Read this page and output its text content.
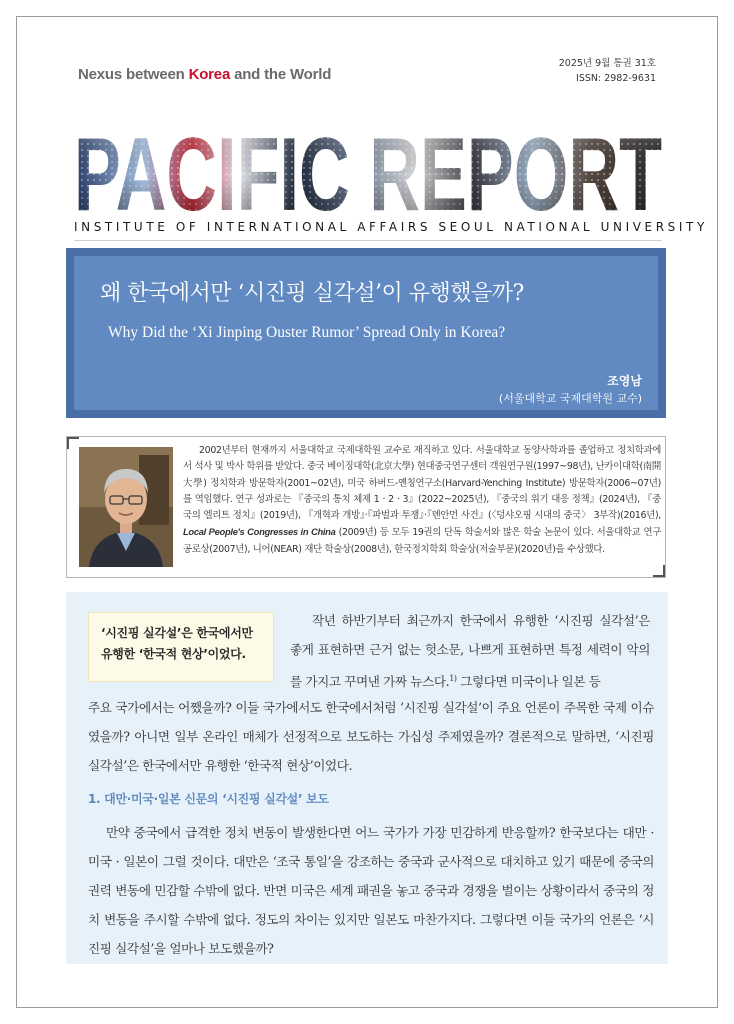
Nexus between Korea and the World
2025년 9월 통권 31호
ISSN: 2982-9631
PACIFIC REPORT
PACIFIC REPORT
PACIFIC REPORT
INSTITUTE OF INTERNATIONAL AFFAIRS SEOUL NATIONAL UNIVERSITY
왜 한국에서만 ‘시진핑 실각설’이 유행했을까?
Why Did the ‘Xi Jinping Ouster Rumor’ Spread Only in Korea?
조영남
(서울대학교 국제대학원 교수)
2002년부터 현재까지 서울대학교 국제대학원 교수로 재직하고 있다. 서울대학교 동양사학과를 졸업하고 정치학과에서 석사 및 박사 학위를 받았다. 중국 베이징대학(北京大學) 현대중국연구센터 객원연구원(1997~98년), 난카이대학(南開大學) 정치학과 방문학자(2001~02년), 미국 하버드-옌칭연구소(Harvard-Yenching Institute) 방문학자(2006~07년)를 역임했다. 연구 성과로는 『중국의 통치 체제 1 · 2 · 3』(2022~2025년), 『중국의 위기 대응 정책』(2024년), 『중국의 엘리트 정치』(2019년), 『개혁과 개방』·『파벌과 투쟁』·『톈안먼 사건』(〈덩샤오핑 시대의 중국〉 3부작)(2016년), Local People's Congresses in China (2009년) 등 모두 19권의 단독 학술서와 많은 학술 논문이 있다. 서울대학교 연구공로상(2007년), 니어(NEAR) 재단 학술상(2008년), 한국정치학회 학술상(저술부문)(2020년)을 수상했다.
‘시진핑 실각설’은 한국에서만 유행한 ‘한국적 현상’이었다.
작년 하반기부터 최근까지 한국에서 유행한 ‘시진핑 실각설’은 좋게 표현하면 근거 없는 헛소문, 나쁘게 표현하면 특정 세력이 악의를 가지고 꾸며낸 가짜 뉴스다.$^{1)}$ 그렇다면 미국이나 일본 등
주요 국가에서는 어쨌을까? 이들 국가에서도 한국에서처럼 ‘시진핑 실각설’이 주요 언론이 주목한 국제 이슈였을까? 아니면 일부 온라인 매체가 선정적으로 보도하는 가십성 주제였을까? 결론적으로 말하면, ‘시진핑 실각설’은 한국에서만 유행한 ‘한국적 현상’이었다.
1. 대만·미국·일본 신문의 ‘시진핑 실각설’ 보도
만약 중국에서 급격한 정치 변동이 발생한다면 어느 국가가 가장 민감하게 반응할까? 한국보다는 대만 · 미국 · 일본이 그럴 것이다. 대만은 ‘조국 통일’을 강조하는 중국과 군사적으로 대치하고 있기 때문에 중국의 권력 변동에 민감할 수밖에 없다. 반면 미국은 세계 패권을 놓고 중국과 경쟁을 벌이는 상황이라서 중국의 정치 변동을 주시할 수밖에 없다. 정도의 차이는 있지만 일본도 마찬가지다. 그렇다면 이들 국가의 언론은 ‘시진핑 실각설’을 얼마나 보도했을까?
